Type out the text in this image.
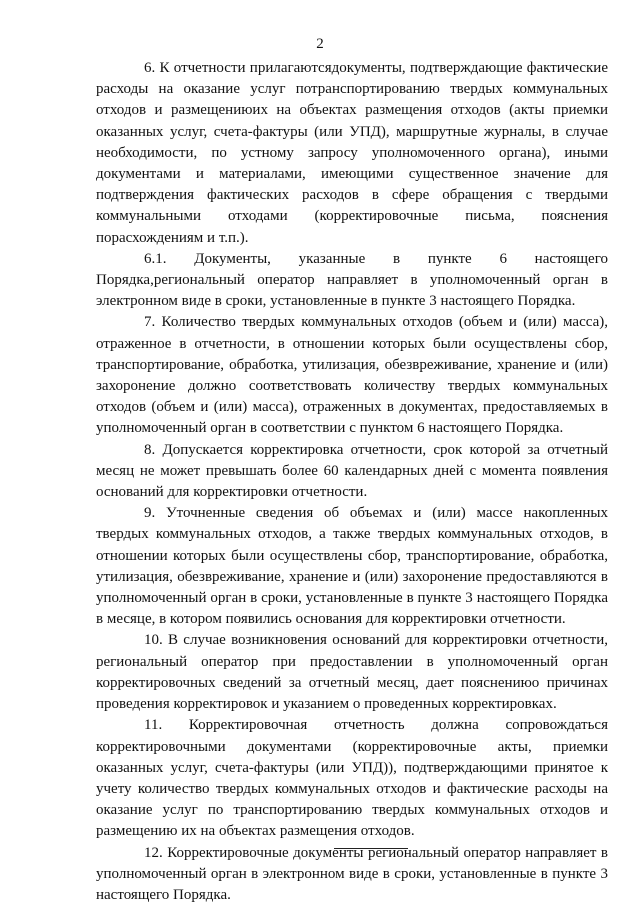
2

6. К отчетности прилагаютсядокументы, подтверждающие фактические расходы на оказание услуг потранспортированию твердых коммунальных отходов и размещениюих на объектах размещения отходов (акты приемки оказанных услуг, счета-фактуры (или УПД), маршрутные журналы, в случае необходимости, по устному запросу уполномоченного органа), иными документами и материалами, имеющими существенное значение для подтверждения фактических расходов в сфере обращения с твердыми коммунальными отходами (корректировочные письма, пояснения порасхождениям и т.п.).

6.1. Документы, указанные в пункте 6 настоящего Порядка,региональный оператор направляет в уполномоченный орган в электронном виде в сроки, установленные в пункте 3 настоящего Порядка.

7. Количество твердых коммунальных отходов (объем и (или) масса), отраженное в отчетности, в отношении которых были осуществлены сбор, транспортирование, обработка, утилизация, обезвреживание, хранение и (или) захоронение должно соответствовать количеству твердых коммунальных отходов (объем и (или) масса), отраженных в документах, предоставляемых в уполномоченный орган в соответствии с пунктом 6 настоящего Порядка.

8. Допускается корректировка отчетности, срок которой за отчетный месяц не может превышать более 60 календарных дней с момента появления оснований для корректировки отчетности.

9. Уточненные сведения об объемах и (или) массе накопленных твердых коммунальных отходов, а также твердых коммунальных отходов, в отношении которых были осуществлены сбор, транспортирование, обработка, утилизация, обезвреживание, хранение и (или) захоронение предоставляются в уполномоченный орган в сроки, установленные в пункте 3 настоящего Порядка в месяце, в котором появились основания для корректировки отчетности.

10. В случае возникновения оснований для корректировки отчетности, региональный оператор при предоставлении в уполномоченный орган корректировочных сведений за отчетный месяц, дает пояснениюо причинах проведения корректировок и указанием о проведенных корректировках.

11. Корректировочная отчетность должна сопровождаться корректировочными документами (корректировочные акты, приемки оказанных услуг, счета-фактуры (или УПД)), подтверждающими принятое к учету количество твердых коммунальных отходов и фактические расходы на оказание услуг по транспортированию твердых коммунальных отходов и размещению их на объектах размещения отходов.

12. Корректировочные документы региональный оператор направляет в уполномоченный орган в электронном виде в сроки, установленные в пункте 3 настоящего Порядка.
